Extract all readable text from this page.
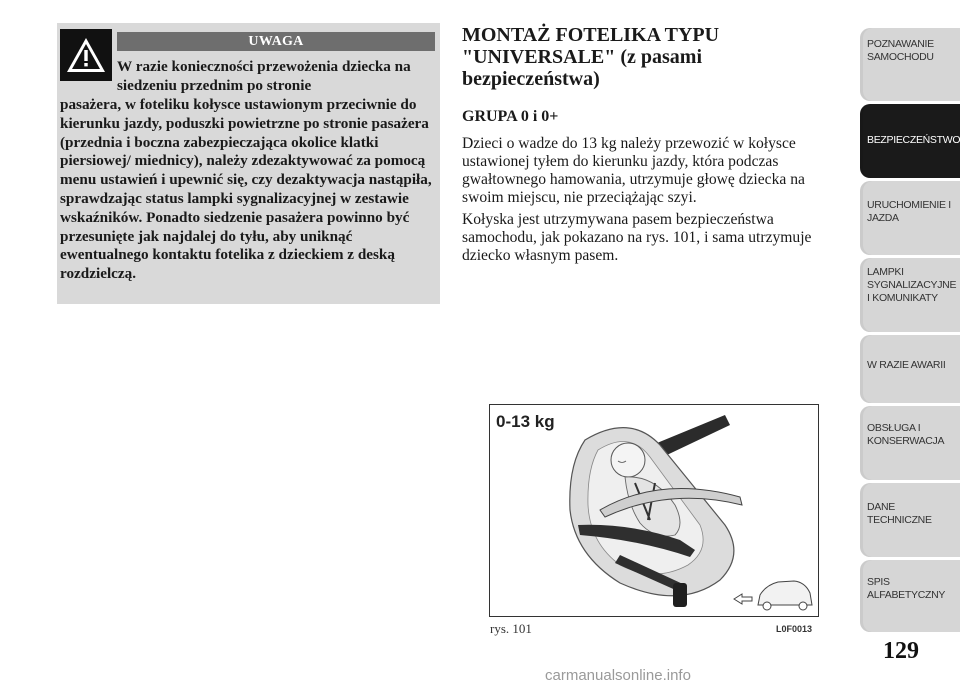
UWAGA
W razie konieczności przewożenia dziecka na siedzeniu przednim po stronie
pasażera, w foteliku kołysce ustawionym przeciwnie do kierunku jazdy, poduszki powietrzne po stronie pasażera (przednia i boczna zabezpieczająca okolice klatki piersiowej/ miednicy), należy zdezaktywować za pomocą menu ustawień i upewnić się, czy dezaktywacja nastąpiła, sprawdzając status lampki sygnalizacyjnej w zestawie wskaźników. Ponadto siedzenie pasażera powinno być przesunięte jak najdalej do tyłu, aby uniknąć ewentualnego kontaktu fotelika z dzieckiem z deską rozdzielczą.
MONTAŻ FOTELIKA TYPU "UNIVERSALE" (z pasami bezpieczeństwa)
GRUPA 0 i 0+
Dzieci o wadze do 13 kg należy przewozić w kołysce ustawionej tyłem do kierunku jazdy, która podczas gwałtownego hamowania, utrzymuje głowę dziecka na swoim miejscu, nie przeciążając szyi.
Kołyska jest utrzymywana pasem bezpieczeństwa samochodu, jak pokazano na rys. 101, i sama utrzymuje dziecko własnym pasem.
0-13 kg
rys. 101	L0F0013
POZNAWANIE SAMOCHODU
BEZPIECZEŃSTWO
URUCHOMIENIE I JAZDA
LAMPKI SYGNALIZACYJNE I KOMUNIKATY
W RAZIE AWARII
OBSŁUGA I KONSERWACJA
DANE TECHNICZNE
SPIS ALFABETYCZNY
129
carmanualsonline.info
